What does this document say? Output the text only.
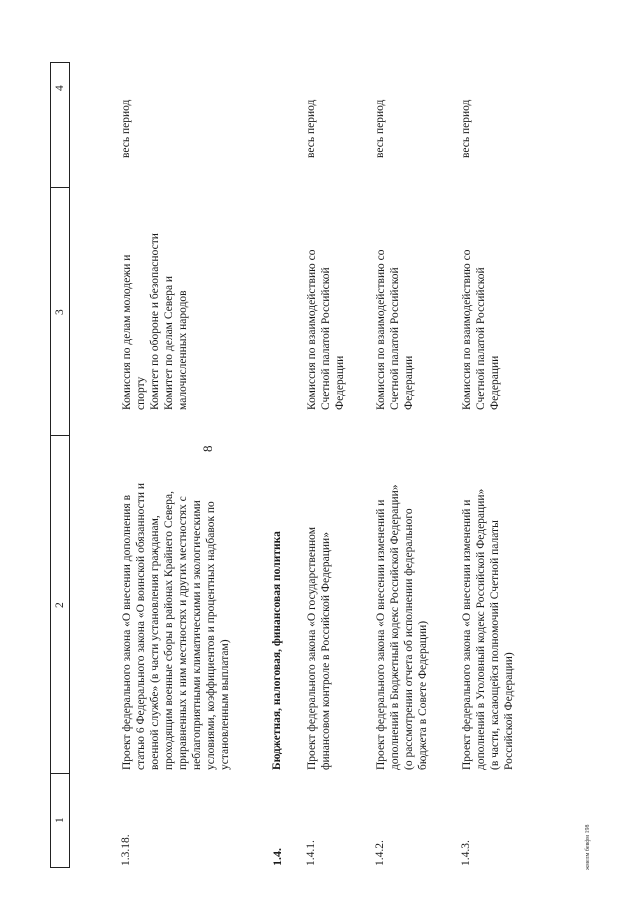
8
1
2
3
4
1.3.18.
Проект федерального закона «О внесении дополнения в
статью 6 Федерального закона «О воинской обязанности и
военной службе» (в части установления гражданам,
проходящим военные сборы в районах Крайнего Севера,
приравненных к ним местностях и других местностях с
неблагоприятными климатическими и экологическими
условиями, коэффициентов и процентных надбавок по
установленным выплатам)
Комиссия по делам молодежи и
спорту
Комитет по обороне и безопасности
Комитет по делам Севера и
малочисленных народов
весь период
1.4.
Бюджетная, налоговая, финансовая политика
1.4.1.
Проект федерального закона «О государственном
финансовом контроле в Российской Федерации»
Комиссия по взаимодействию со
Счетной палатой Российской
Федерации
весь период
1.4.2.
Проект федерального закона «О внесении изменений и
дополнений в Бюджетный кодекс Российской Федерации»
(о рассмотрении отчета об исполнении федерального
бюджета в Совете Федерации)
Комиссия по взаимодействию со
Счетной палатой Российской
Федерации
весь период
1.4.3.
Проект федерального закона «О внесении изменений и
дополнений в Уголовный кодекс Российской Федерации»
(в части, касающейся полномочий Счетной палаты
Российской Федерации)
Комиссия по взаимодействию со
Счетной палатой Российской
Федерации
весь период
жмелм бевфм 198
